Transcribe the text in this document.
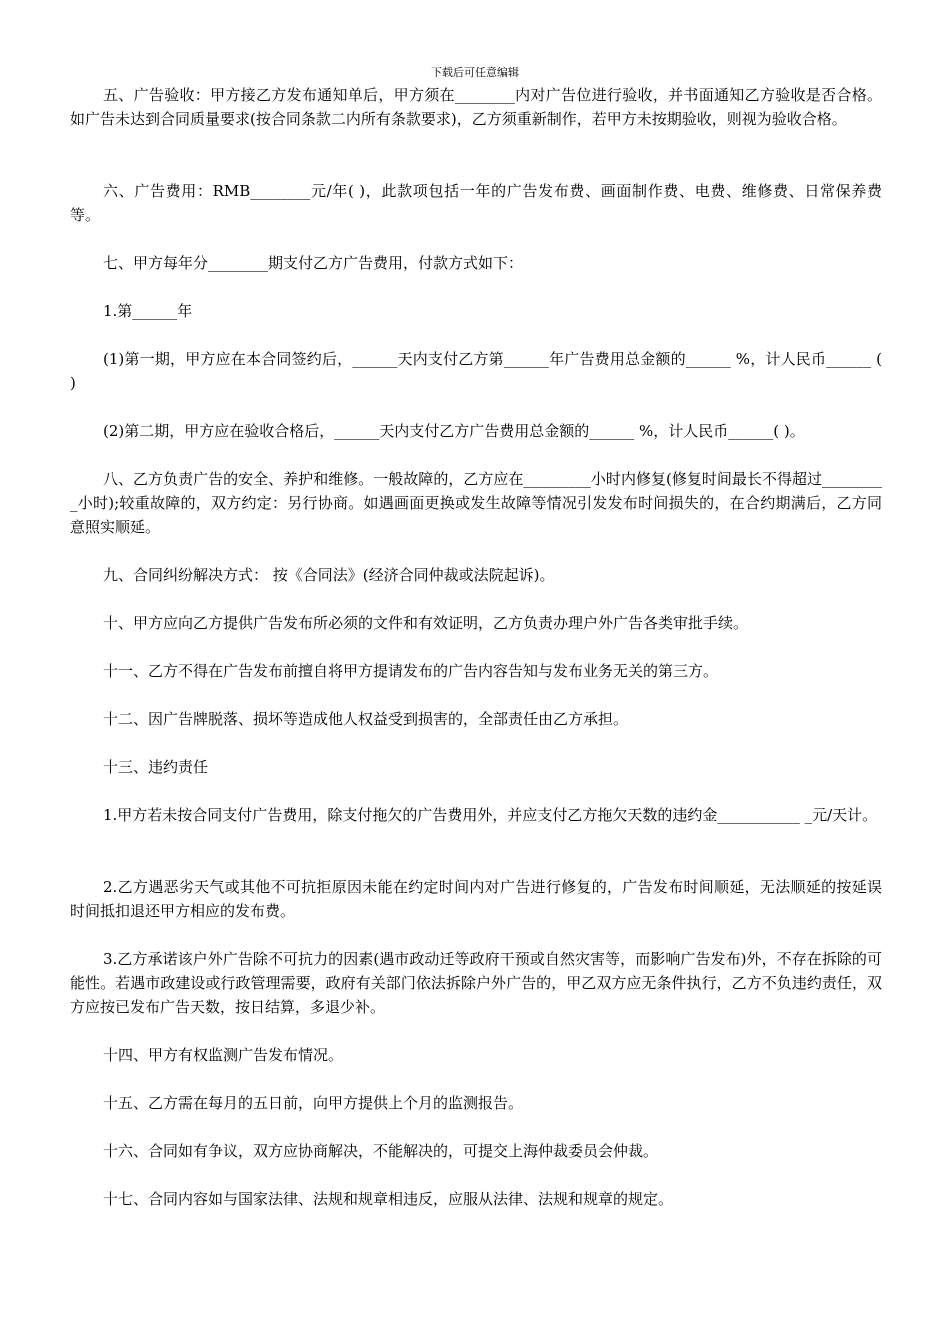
下载后可任意编辑
五、广告验收：甲方接乙方发布通知单后，甲方须在________内对广告位进行验收，并书面通知乙方验收是否合格。如广告未达到合同质量要求(按合同条款二内所有条款要求)，乙方须重新制作，若甲方未按期验收，则视为验收合格。
六、广告费用：RMB________元/年( )，此款项包括一年的广告发布费、画面制作费、电费、维修费、日常保养费等。
七、甲方每年分________期支付乙方广告费用，付款方式如下：
1.第______年
(1)第一期，甲方应在本合同签约后，______天内支付乙方第______年广告费用总金额的______ %，计人民币______ ( )
(2)第二期，甲方应在验收合格后，______天内支付乙方广告费用总金额的______ %，计人民币______( )。
八、乙方负责广告的安全、养护和维修。一般故障的，乙方应在_________小时内修复(修复时间最长不得超过_________小时);较重故障的，双方约定：另行协商。如遇画面更换或发生故障等情况引发发布时间损失的，在合约期满后，乙方同意照实顺延。
九、合同纠纷解决方式： 按《合同法》(经济合同仲裁或法院起诉)。
十、甲方应向乙方提供广告发布所必须的文件和有效证明，乙方负责办理户外广告各类审批手续。
十一、乙方不得在广告发布前擅自将甲方提请发布的广告内容告知与发布业务无关的第三方。
十二、因广告牌脱落、损坏等造成他人权益受到损害的，全部责任由乙方承担。
十三、违约责任
1.甲方若未按合同支付广告费用，除支付拖欠的广告费用外，并应支付乙方拖欠天数的违约金___________ _元/天计。
2.乙方遇恶劣天气或其他不可抗拒原因未能在约定时间内对广告进行修复的，广告发布时间顺延，无法顺延的按延误时间抵扣退还甲方相应的发布费。
3.乙方承诺该户外广告除不可抗力的因素(遇市政动迁等政府干预或自然灾害等，而影响广告发布)外，不存在拆除的可能性。若遇市政建设或行政管理需要，政府有关部门依法拆除户外广告的，甲乙双方应无条件执行，乙方不负违约责任，双方应按已发布广告天数，按日结算，多退少补。
十四、甲方有权监测广告发布情况。
十五、乙方需在每月的五日前，向甲方提供上个月的监测报告。
十六、合同如有争议，双方应协商解决，不能解决的，可提交上海仲裁委员会仲裁。
十七、合同内容如与国家法律、法规和规章相违反，应服从法律、法规和规章的规定。
